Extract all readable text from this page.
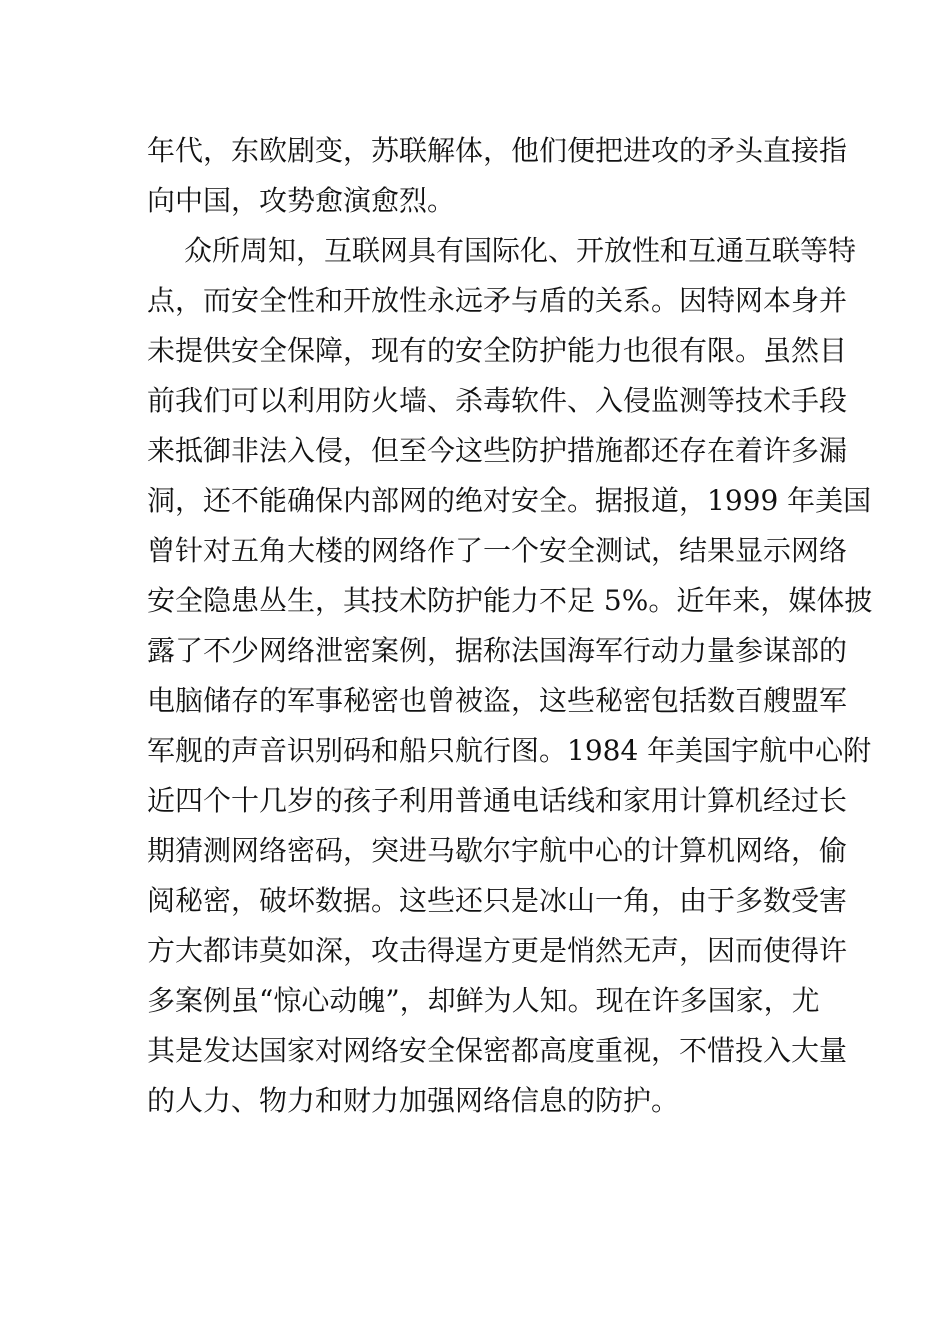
年代，东欧剧变，苏联解体，他们便把进攻的矛头直接指
向中国，攻势愈演愈烈。
众所周知，互联网具有国际化、开放性和互通互联等特
点，而安全性和开放性永远矛与盾的关系。因特网本身并
未提供安全保障，现有的安全防护能力也很有限。虽然目
前我们可以利用防火墙、杀毒软件、入侵监测等技术手段
来抵御非法入侵，但至今这些防护措施都还存在着许多漏
洞，还不能确保内部网的绝对安全。据报道，1999 年美国
曾针对五角大楼的网络作了一个安全测试，结果显示网络
安全隐患丛生，其技术防护能力不足 5%。近年来，媒体披
露了不少网络泄密案例，据称法国海军行动力量参谋部的
电脑储存的军事秘密也曾被盗，这些秘密包括数百艘盟军
军舰的声音识别码和船只航行图。1984 年美国宇航中心附
近四个十几岁的孩子利用普通电话线和家用计算机经过长
期猜测网络密码，突进马歇尔宇航中心的计算机网络，偷
阅秘密，破坏数据。这些还只是冰山一角，由于多数受害
方大都讳莫如深，攻击得逞方更是悄然无声，因而使得许
多案例虽“惊心动魄”，却鲜为人知。现在许多国家，尤
其是发达国家对网络安全保密都高度重视，不惜投入大量
的人力、物力和财力加强网络信息的防护。
